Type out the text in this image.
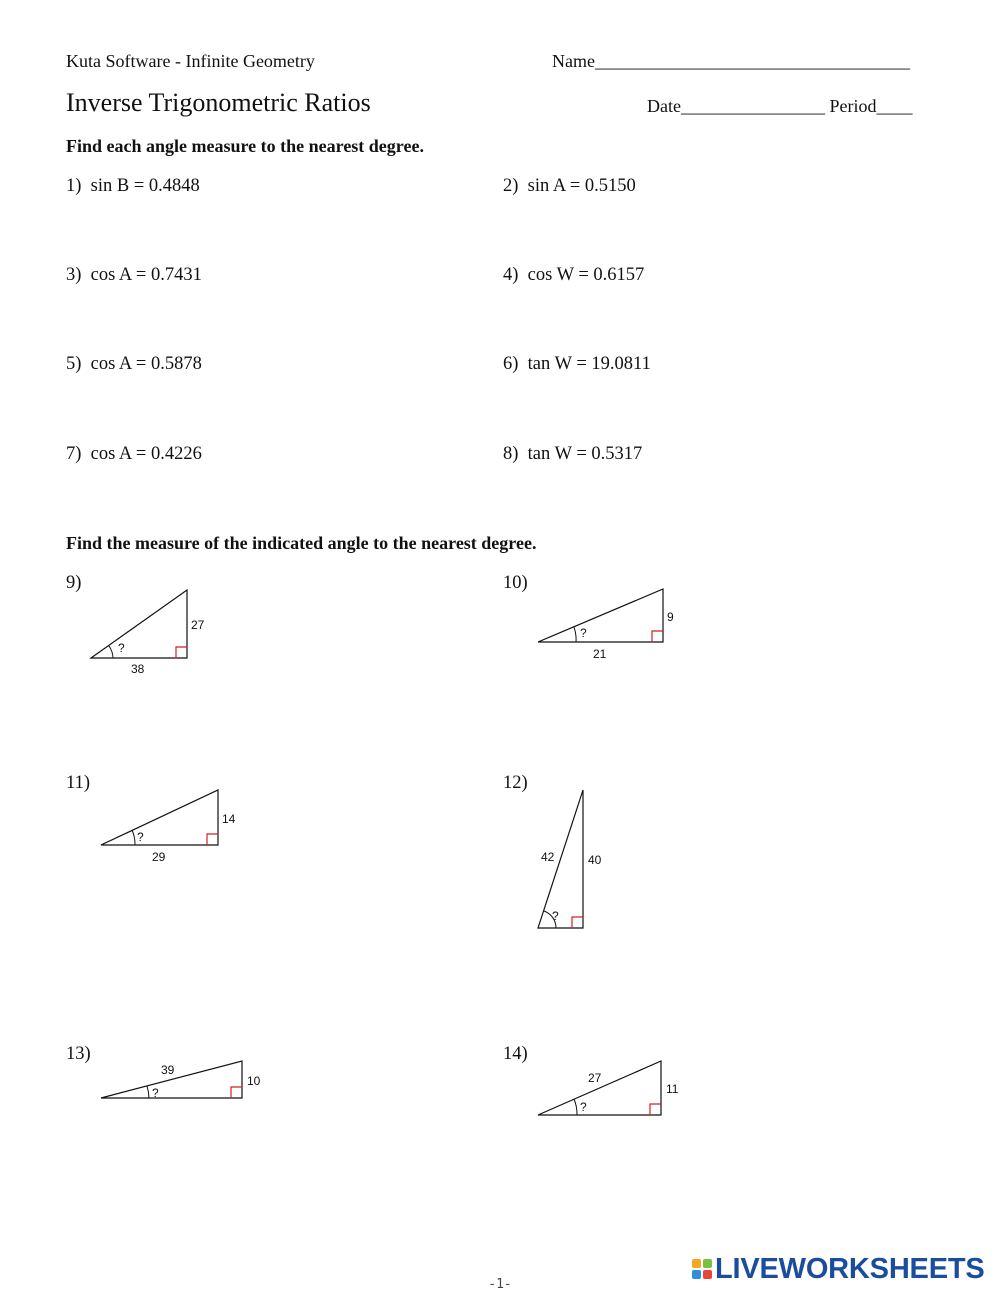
Kuta Software - Infinite Geometry	Name___________________________________
Inverse Trigonometric Ratios	Date________________ Period____
Find each angle measure to the nearest degree.
1) sin B = 0.4848	2) sin A = 0.5150
3) cos A = 0.7431	4) cos W = 0.6157
5) cos A = 0.5878	6) tan W = 19.0811
7) cos A = 0.4226	8) tan W = 0.5317
Find the measure of the indicated angle to the nearest degree.
9)	10)
11)	12)
13)	14)
?
27
38
?
9
21
?
14
29
?
42	40
?
39
10
?
27
11
-1-	LIVEWORKSHEETS
